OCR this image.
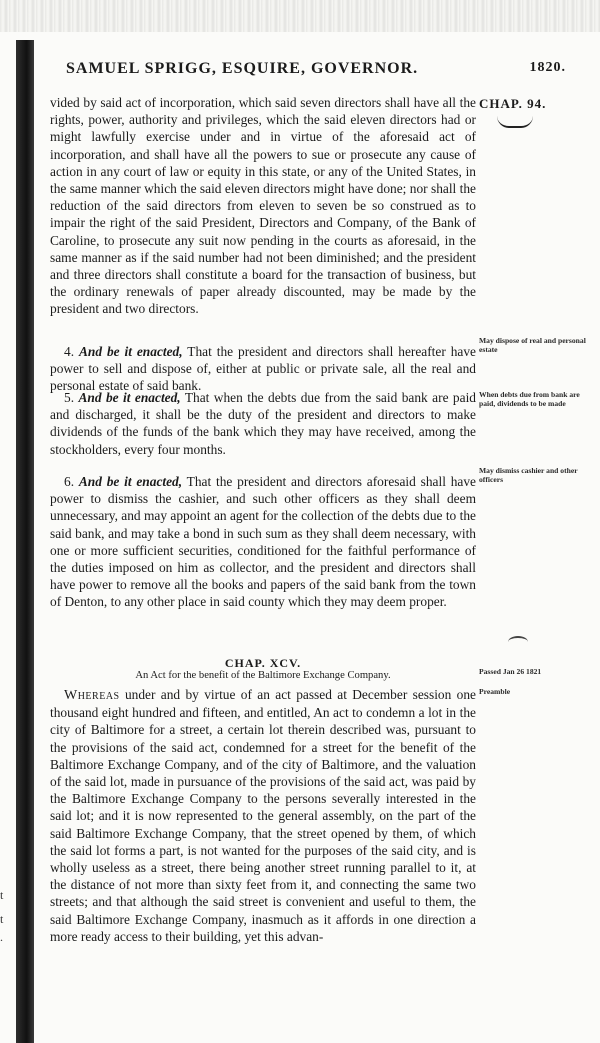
SAMUEL SPRIGG, ESQUIRE, GOVERNOR.	1820.
CHAP. 94.

vided by said act of incorporation, which said seven directors shall have all the rights, power, authority and privileges, which the said eleven directors had or might lawfully exercise under and in virtue of the aforesaid act of incorporation, and shall have all the powers to sue or prosecute any cause of action in any court of law or equity in this state, or any of the United States, in the same manner which the said eleven directors might have done; nor shall the reduction of the said directors from eleven to seven be so construed as to impair the right of the said President, Directors and Company, of the Bank of Caroline, to prosecute any suit now pending in the courts as aforesaid, in the same manner as if the said number had not been diminished; and the president and three directors shall constitute a board for the transaction of business, but the ordinary renewals of paper already discounted, may be made by the president and two directors.

4. And be it enacted, That the president and directors shall hereafter have power to sell and dispose of, either at public or private sale, all the real and personal estate of said bank.

5. And be it enacted, That when the debts due from the said bank are paid and discharged, it shall be the duty of the president and directors to make dividends of the funds of the bank which they may have received, among the stockholders, every four months.

6. And be it enacted, That the president and directors aforesaid shall have power to dismiss the cashier, and such other officers as they shall deem unnecessary, and may appoint an agent for the collection of the debts due to the said bank, and may take a bond in such sum as they shall deem necessary, with one or more sufficient securities, conditioned for the faithful performance of the duties imposed on him as collector, and the president and directors shall have power to remove all the books and papers of the said bank from the town of Denton, to any other place in said county which they may deem proper.

May dispose of real and personal estate
When debts due from bank are paid, dividends to be made
May dismiss cashier and other officers
CHAP. XCV.
An Act for the benefit of the Baltimore Exchange Company.	Passed Jan 26 1821
Preamble

Whereas under and by virtue of an act passed at December session one thousand eight hundred and fifteen, and entitled, An act to condemn a lot in the city of Baltimore for a street, a certain lot therein described was, pursuant to the provisions of the said act, condemned for a street for the benefit of the Baltimore Exchange Company, and of the city of Baltimore, and the valuation of the said lot, made in pursuance of the provisions of the said act, was paid by the Baltimore Exchange Company to the persons severally interested in the said lot; and it is now represented to the general assembly, on the part of the said Baltimore Exchange Company, that the street opened by them, of which the said lot forms a part, is not wanted for the purposes of the said city, and is wholly useless as a street, there being another street running parallel to it, at the distance of not more than sixty feet from it, and connecting the same two streets; and that although the said street is convenient and useful to them, the said Baltimore Exchange Company, inasmuch as it affords in one direction a more ready access to their building, yet this advan-

t
t
.
